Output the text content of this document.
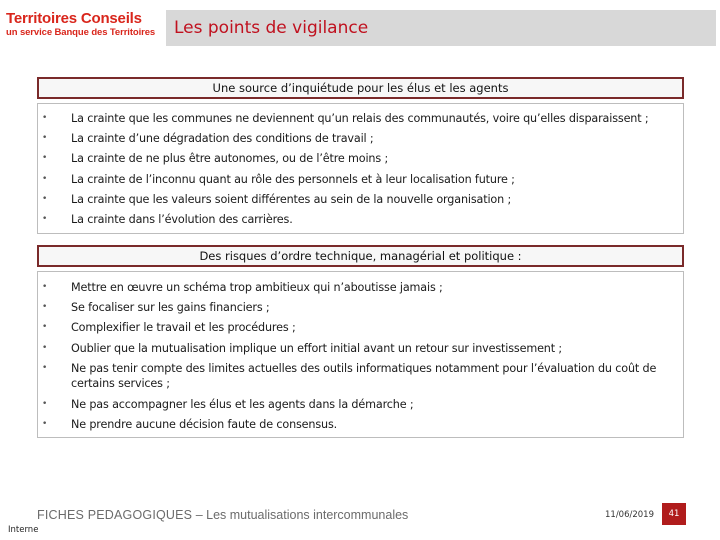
Territoires Conseils
un service Banque des Territoires	Les points de vigilance
Une source d’inquiétude pour les élus et les agents
• La crainte que les communes ne deviennent qu’un relais des communautés, voire qu’elles disparaissent ;
• La crainte d’une dégradation des conditions de travail ;
• La crainte de ne plus être autonomes, ou de l’être moins ;
• La crainte de l’inconnu quant au rôle des personnels et à leur localisation future ;
• La crainte que les valeurs soient différentes au sein de la nouvelle organisation ;
• La crainte dans l’évolution des carrières.
Des risques d’ordre technique, managérial et politique :
• Mettre en œuvre un schéma trop ambitieux qui n’aboutisse jamais ;
• Se focaliser sur les gains financiers ;
• Complexifier le travail et les procédures ;
• Oublier que la mutualisation implique un effort initial avant un retour sur investissement ;
• Ne pas tenir compte des limites actuelles des outils informatiques notamment pour l’évaluation du coût de certains services ;
• Ne pas accompagner les élus et les agents dans la démarche ;
• Ne prendre aucune décision faute de consensus.
FICHES PEDAGOGIQUES – Les mutualisations intercommunales	11/06/2019	41
Interne
